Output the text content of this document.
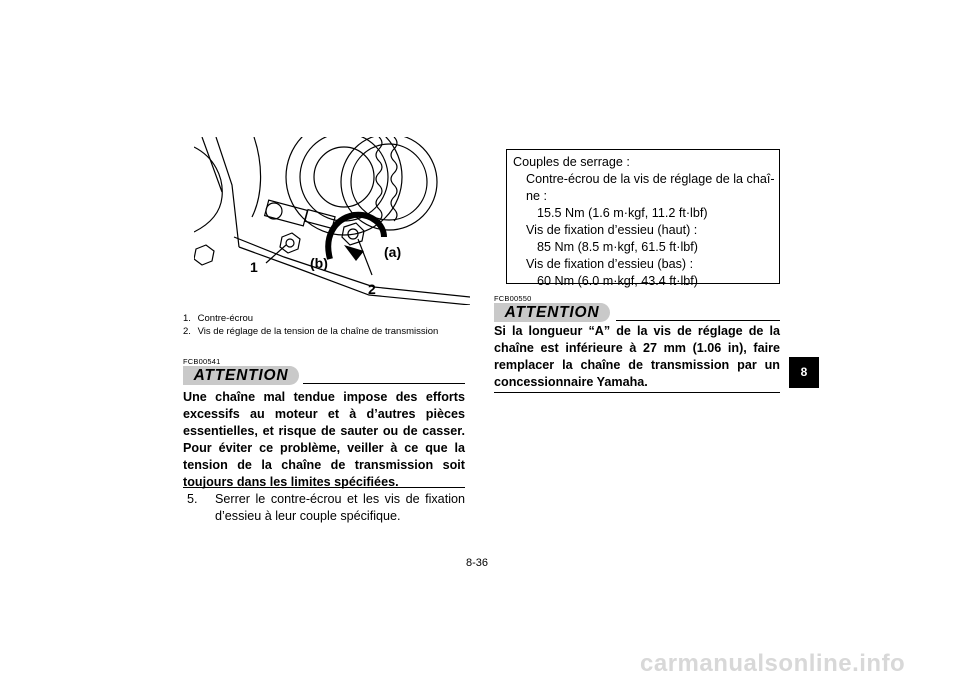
1
2
(a)
(b)
1. Contre-écrou
2. Vis de réglage de la tension de la chaîne de transmission
FCB00541
ATTENTION
Une chaîne mal tendue impose des efforts excessifs au moteur et à d’autres pièces essentielles, et risque de sauter ou de casser. Pour éviter ce problème, veiller à ce que la tension de la chaîne de transmission soit toujours dans les limites spécifiées.
5.	Serrer le contre-écrou et les vis de fixation d’essieu à leur couple spécifique.
Couples de serrage :
Contre-écrou de la vis de réglage de la chaî-
ne :
15.5 Nm (1.6 m·kgf, 11.2 ft·lbf)
Vis de fixation d’essieu (haut) :
85 Nm (8.5 m·kgf, 61.5 ft·lbf)
Vis de fixation d’essieu (bas) :
60 Nm (6.0 m·kgf, 43.4 ft·lbf)
FCB00550
ATTENTION
Si la longueur “A” de la vis de réglage de la chaîne est inférieure à 27 mm (1.06 in), faire remplacer la chaîne de transmission par un concessionnaire Yamaha.
8
8-36
carmanualsonline.info
